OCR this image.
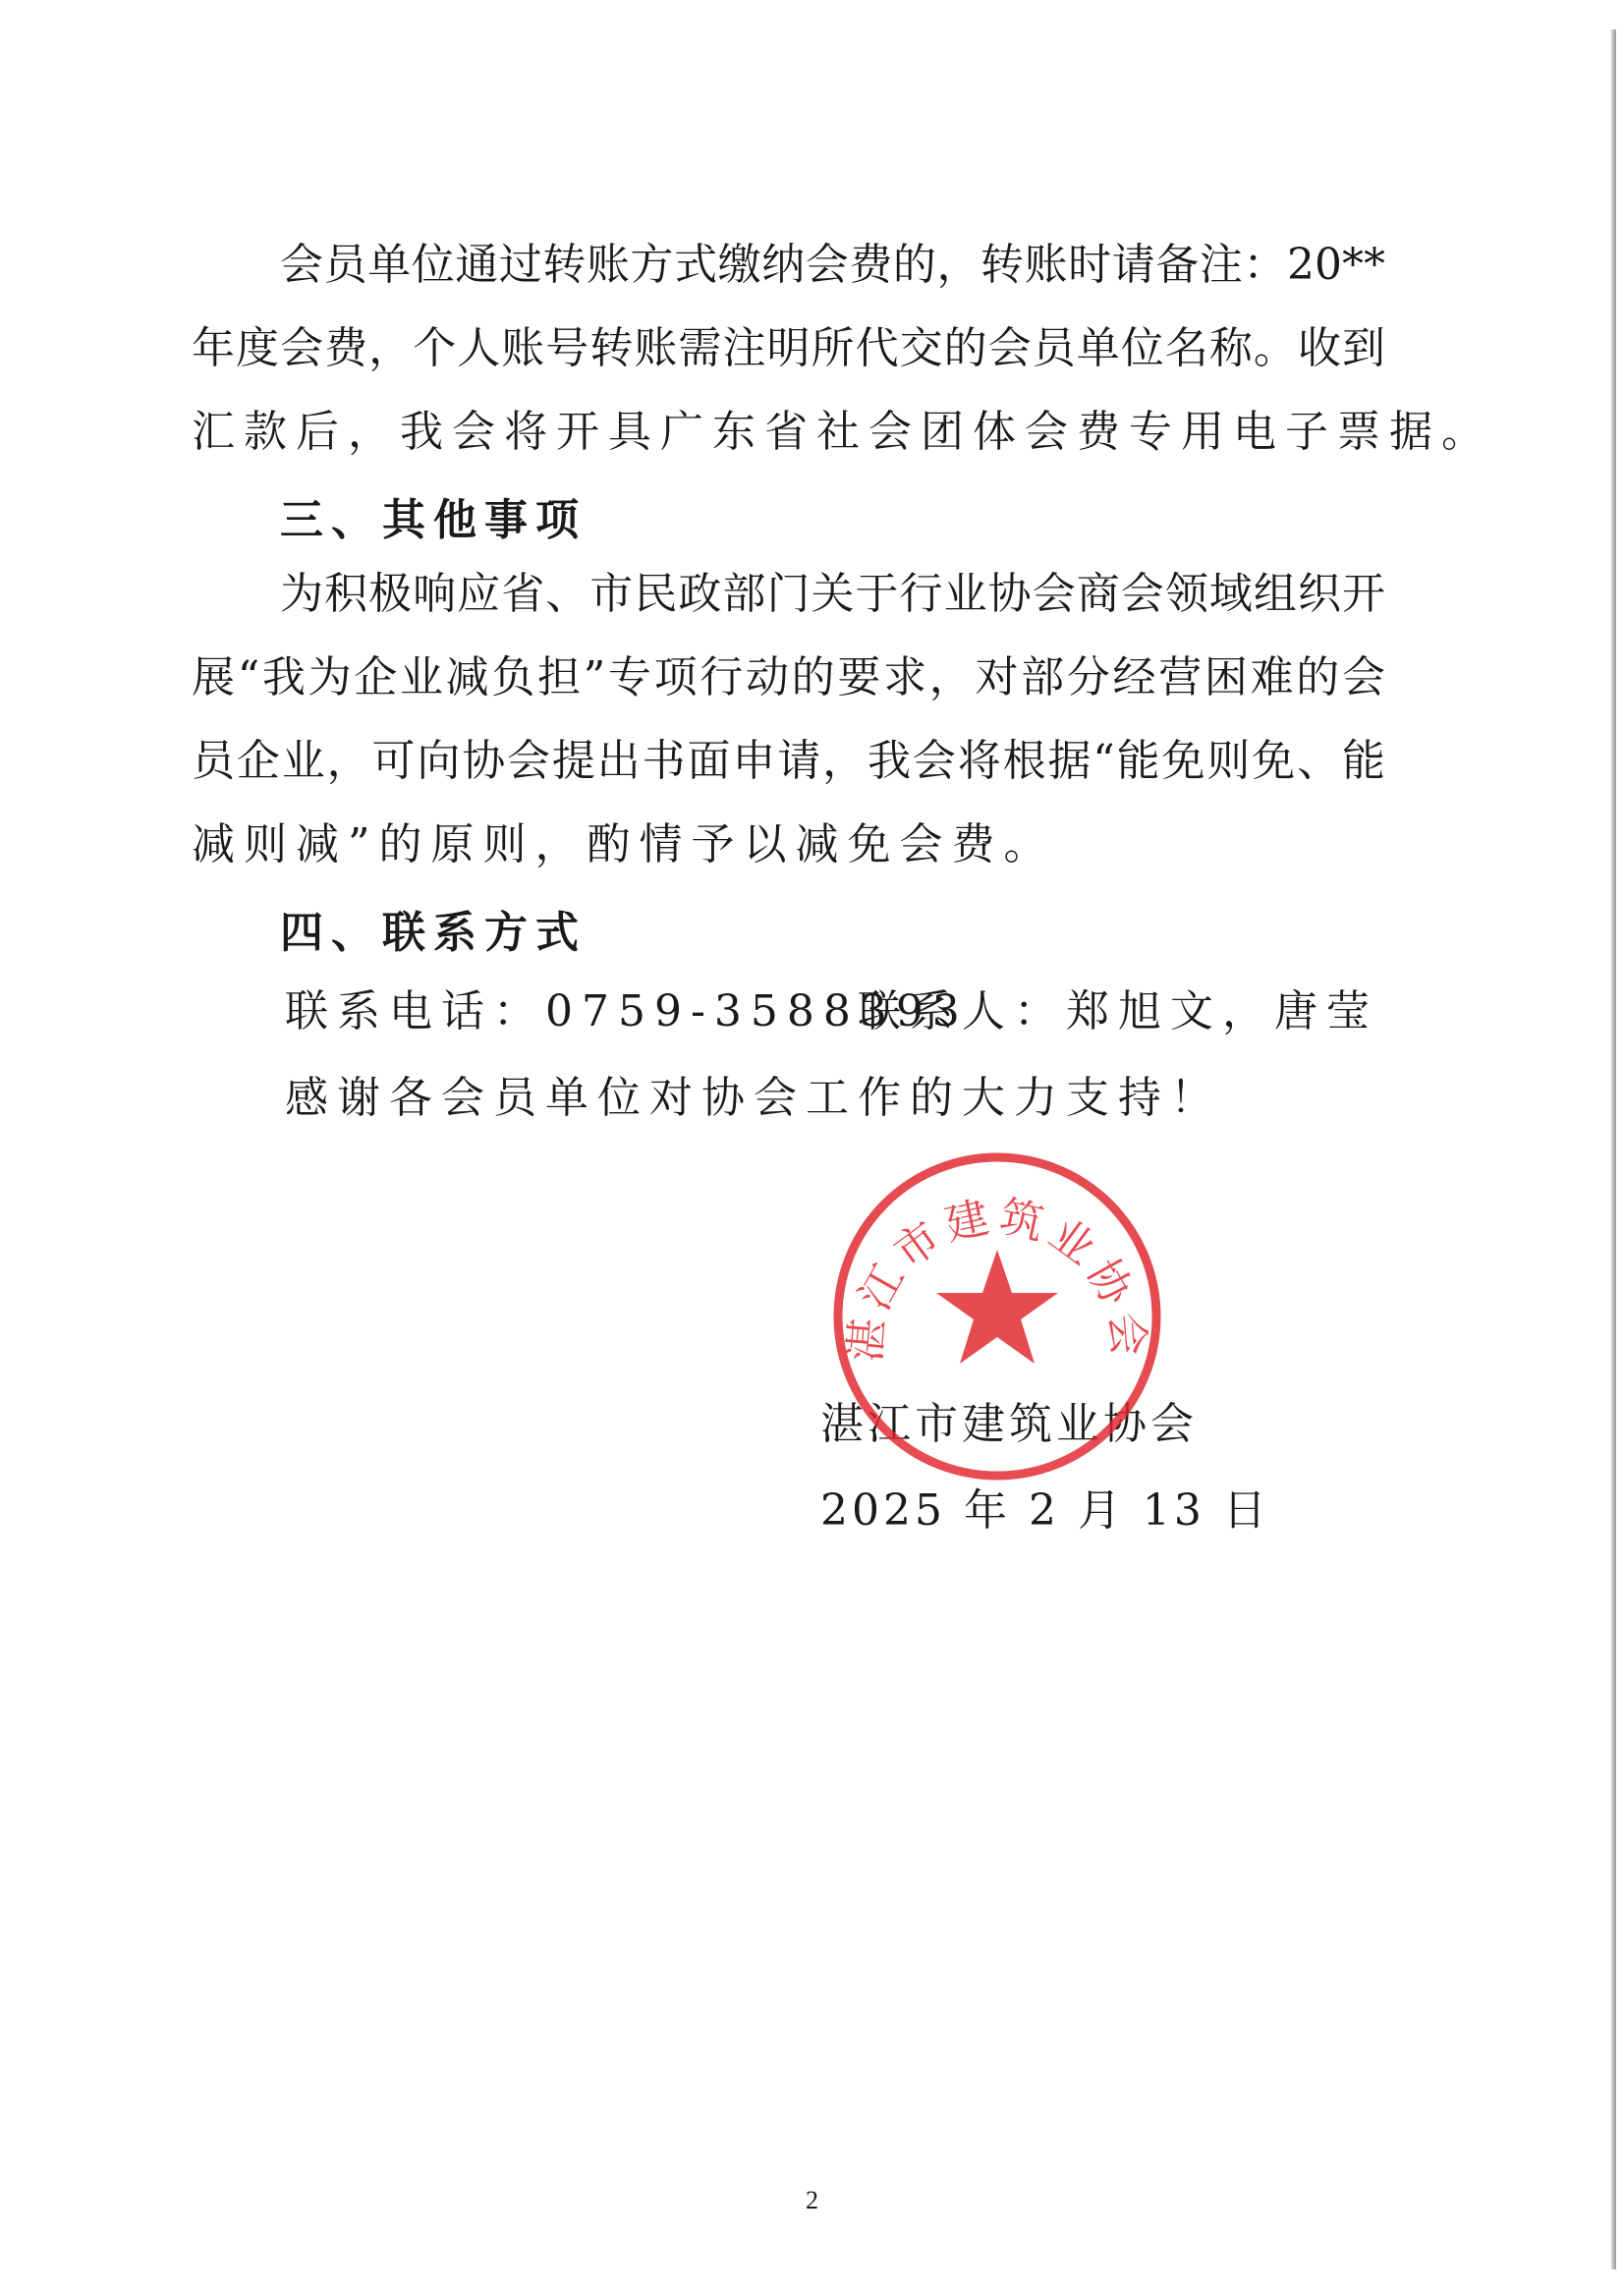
会员单位通过转账方式缴纳会费的，转账时请备注：20**
年度会费，个人账号转账需注明所代交的会员单位名称。收到
汇款后，我会将开具广东省社会团体会费专用电子票据。
三、其他事项
为积极响应省、市民政部门关于行业协会商会领域组织开
展“我为企业减负担”专项行动的要求，对部分经营困难的会
员企业，可向协会提出书面申请，我会将根据“能免则免、能
减则减”的原则，酌情予以减免会费。
四、联系方式
联系电话：0759-3588393
联系人：郑旭文，唐莹
感谢各会员单位对协会工作的大力支持！
湛江市建筑业协会
2025 年 2 月 13 日
湛江市建筑业协会
2
